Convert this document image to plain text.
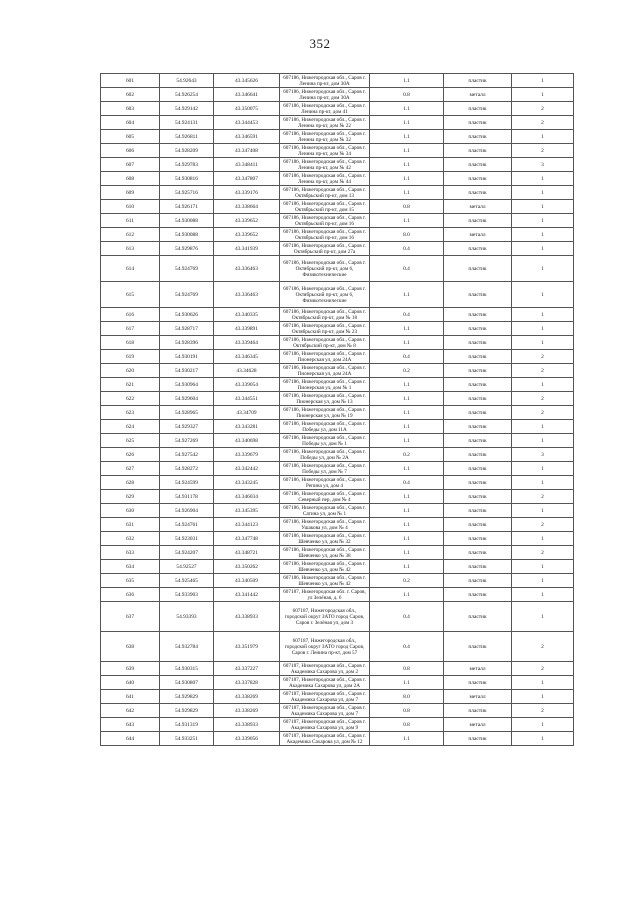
352
601	54.92643	43.345626	607186, Нижегородская обл., Саров г. Ленина пр-кт, дом 30А	1.1	пластик	1
602	54.926254	43.346641	607186, Нижегородская обл., Саров г. Ленина пр-кт, дом 30А	0.8	металл	1
603	54.929142	43.350075	607186, Нижегородская обл., Саров г. Ленина пр-кт, дом 41	1.1	пластик	2
604	54.924131	43.344453	607186, Нижегородская обл., Саров г. Ленина пр-кт, дом № 22	1.1	пластик	2
605	54.926811	43.346591	607186, Нижегородская обл., Саров г. Ленина пр-кт, дом № 32	1.1	пластик	1
606	54.928209	43.347408	607186, Нижегородская обл., Саров г. Ленина пр-кт, дом № 34	1.1	пластик	2
607	54.929783	43.348411	607186, Нижегородская обл., Саров г. Ленина пр-кт, дом № 42	1.1	пластик	3
608	54.930816	43.347807	607186, Нижегородская обл., Саров г. Ленина пр-кт, дом № 44	1.1	пластик	1
609	54.925716	43.339176	607186, Нижегородская обл., Саров г. Октябрьский пр-кт, дом 13	1.1	пластик	1
610	54.926171	43.338664	607186, Нижегородская обл., Саров г. Октябрьский пр-кт, дом 15	0.8	металл	1
611	54.930088	43.339652	607186, Нижегородская обл., Саров г. Октябрьский пр-кт, дом 16	1.1	пластик	1
612	54.930088	43.339652	607186, Нижегородская обл., Саров г. Октябрьский пр-кт, дом 16	8.0	металл	1
613	54.929876	43.341939	607186, Нижегородская обл., Саров г. Октябрьский пр-кт, дом 27а	0.4	пластик	1
614	54.924769	43.336463	607186, Нижегородская обл., Саров г. Октябрьский пр-кт, дом 6, Физикотехнические	0.4	пластик	1
615	54.924769	43.336463	607186, Нижегородская обл., Саров г. Октябрьский пр-кт, дом 6, Физикотехнические	1.1	пластик	1
616	54.930626	43.340335	607186, Нижегородская обл., Саров г. Октябрьский пр-кт, дом № 18	0.4	пластик	1
617	54.928717	43.339891	607186, Нижегородская обл., Саров г. Октябрьский пр-кт, дом № 23	1.1	пластик	1
618	54.928396	43.339464	607186, Нижегородская обл., Саров г. Октябрьский пр-кт, дом № 8	1.1	пластик	1
619	54.930191	43.346345	607186, Нижегородская обл., Саров г. Пионерская ул, дом 24А	0.4	пластик	2
620	54.930217	43.34628	607186, Нижегородская обл., Саров г. Пионерская ул, дом 24А	0.2	пластик	2
621	54.930964	43.339054	607186, Нижегородская обл., Саров г. Пионерская ул, дом № 1	1.1	пластик	1
622	54.929604	43.344551	607186, Нижегородская обл., Саров г. Пионерская ул, дом № 13	1.1	пластик	2
623	54.928965	43.34709	607186, Нижегородская обл., Саров г. Пионерская ул, дом № 19	1.1	пластик	2
624	54.929327	43.343281	607186, Нижегородская обл., Саров г. Победы ул, дом 11А	1.1	пластик	1
625	54.927269	43.340698	607186, Нижегородская обл., Саров г. Победы ул, дом № 1	1.1	пластик	1
626	54.927542	43.339679	607186, Нижегородская обл., Саров г. Победы ул, дом № 2А	0.2	пластик	3
627	54.928272	43.342442	607186, Нижегородская обл., Саров г. Победы ул, дом № 7	1.1	пластик	1
628	54.924599	43.343245	607186, Нижегородская обл., Саров г. Репина ул, дом 4	0.4	пластик	1
629	54.931178	43.346034	607186, Нижегородская обл., Саров г. Северный пер, дом № 4	1.1	пластик	2
630	54.926904	43.345395	607186, Нижегородская обл., Саров г. Сатина ул, дом № 1	1.1	пластик	1
631	54.924761	43.344123	607186, Нижегородская обл., Саров г. Ушакова ул, дом № 4	1.1	пластик	2
632	54.923031	43.347748	607186, Нижегородская обл., Саров г. Шевченко ул, дом № 32	1.1	пластик	1
633	54.924207	43.348721	607186, Нижегородская обл., Саров г. Шевченко ул, дом № 38	1.1	пластик	2
634	54.92527	43.350262	607186, Нижегородская обл., Саров г. Шевченко ул, дом № 42	1.1	пластик	1
635	54.925465	43.340509	607186, Нижегородская обл., Саров г. Шевченко ул, дом № 42	0.2	пластик	1
636	54.933903	43.341442	607187, Нижегородская обл. г. Саров, ул Зелёная, д. 6	1.1	пластик	1
637	54.93393	43.338933	607187, Нижегородская обл., городской округ ЗАТО город Саров, Саров г. Зелёная ул, дом 3	0.4	пластик	1
638	54.932784	43.351979	607187, Нижегородская обл., городской округ ЗАТО город Саров, Саров г. Ленина пр-кт, дом 57	0.4	пластик	2
639	54.930315	43.337227	607187, Нижегородская обл., Саров г. Академика Сахарова ул, дом 2	0.8	металл	2
640	54.930807	43.337828	607187, Нижегородская обл., Саров г. Академика Сахарова ул, дом 2А	1.1	пластик	1
641	54.929829	43.338269	607187, Нижегородская обл., Саров г. Академика Сахарова ул, дом 7	8.0	металл	1
642	54.929829	43.338269	607187, Нижегородская обл., Саров г. Академика Сахарова ул, дом 7	0.8	пластик	2
643	54.931319	43.338933	607187, Нижегородская обл., Саров г. Академика Сахарова ул, дом 9	0.8	металл	1
644	54.933251	43.339056	607187, Нижегородская обл., Саров г. Академика Сахарова ул, дом № 12	1.1	пластик	1
